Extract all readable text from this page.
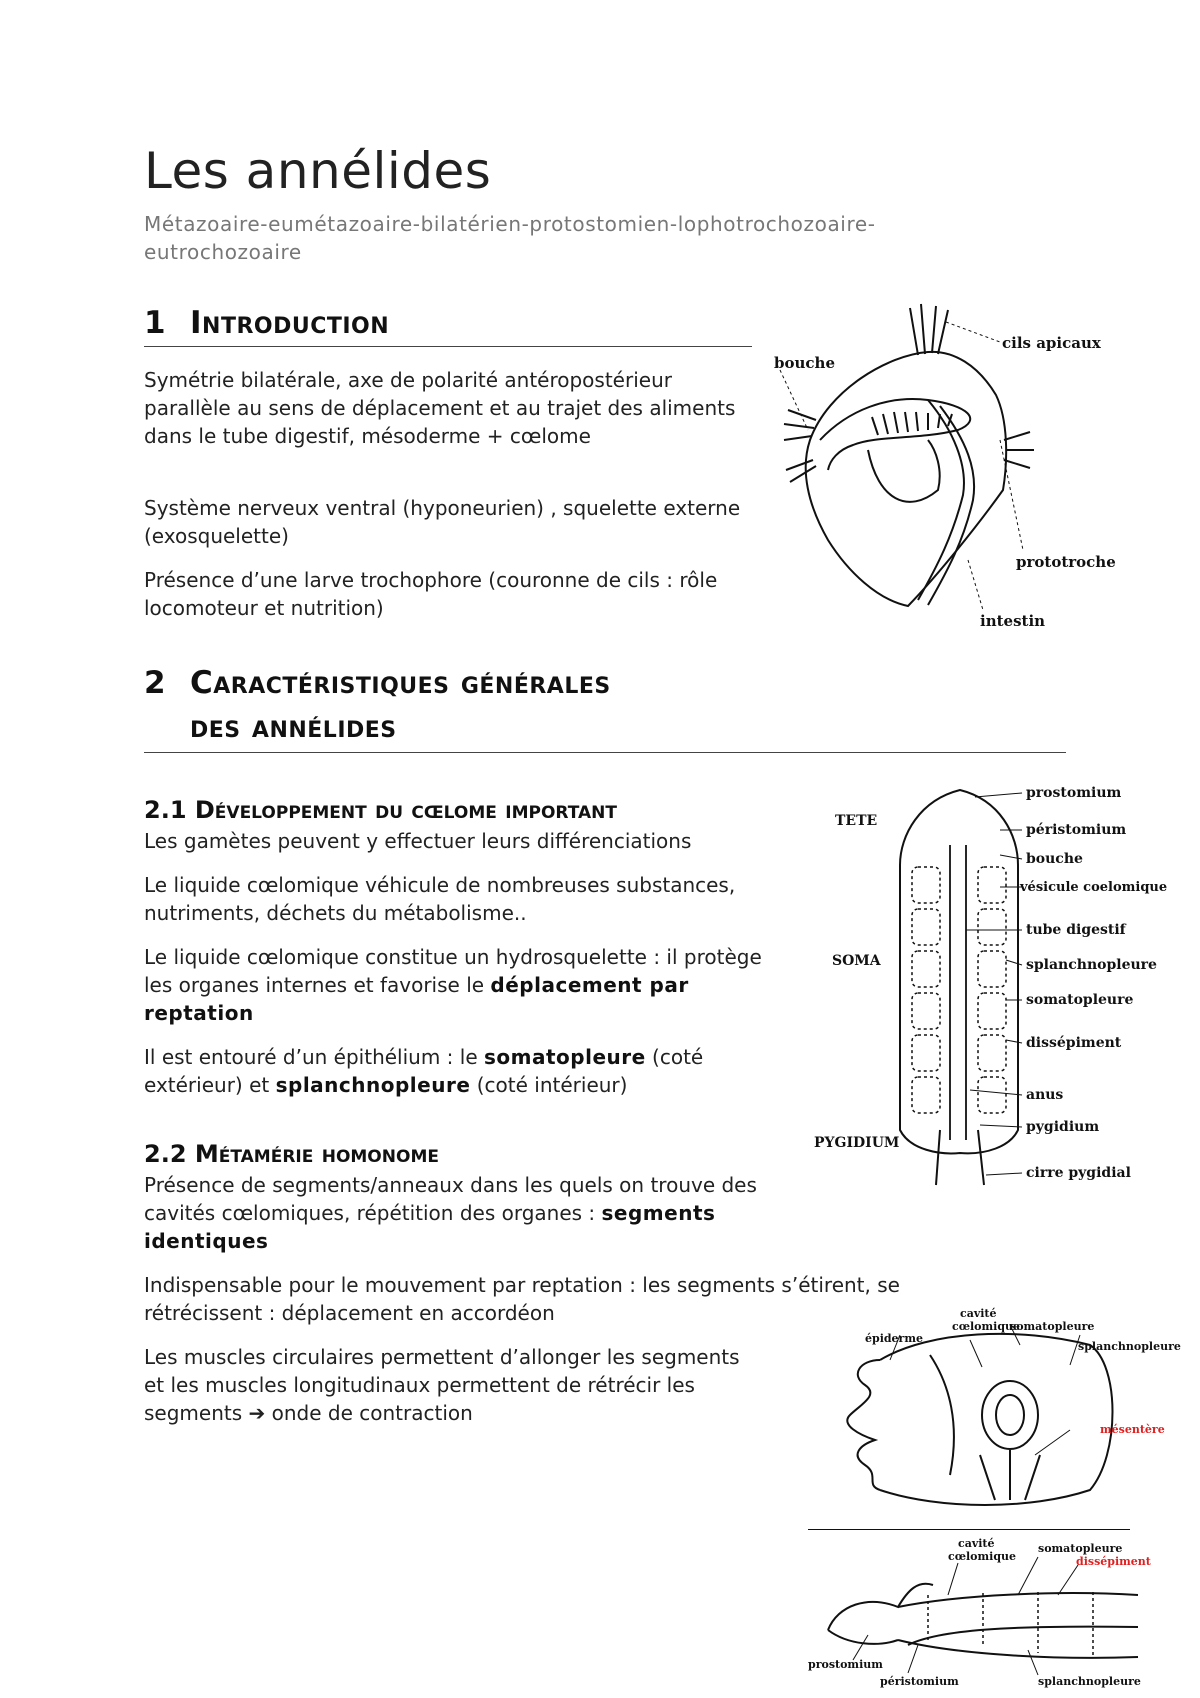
Les annélides
Métazoaire-eumétazoaire-bilatérien-protostomien-lophotrochozoaire-eutrochozoaire
1 Introduction

Symétrie bilatérale, axe de polarité antéropostérieur parallèle au sens de déplacement et au trajet des aliments dans le tube digestif, mésoderme + cœlome

Système nerveux ventral (hyponeurien) , squelette externe (exosquelette)

Présence d’une larve trochophore (couronne de cils : rôle locomoteur et nutrition)

cils apicaux
bouche
prototroche
intestin
2 Caractéristiques générales
des annélides
2.1 Développement du cœlome important

Les gamètes peuvent y effectuer leurs différenciations

Le liquide cœlomique véhicule de nombreuses substances, nutriments, déchets du métabolisme..

Le liquide cœlomique constitue un hydrosquelette : il protège les organes internes et favorise le déplacement par reptation

Il est entouré d’un épithélium : le somatopleure (coté extérieur) et splanchnopleure (coté intérieur)

2.2 Métamérie homonome

Présence de segments/anneaux dans les quels on trouve des cavités cœlomiques, répétition des organes : segments identiques

Indispensable pour le mouvement par reptation : les segments s’étirent, se rétrécissent : déplacement en accordéon

Les muscles circulaires permettent d’allonger les segments et les muscles longitudinaux permettent de rétrécir les segments ➔ onde de contraction

TETE
SOMA
PYGIDIUM
prostomium
péristomium
bouche
vésicule coelomique
tube digestif
splanchnopleure
somatopleure
dissépiment
anus
pygidium
cirre pygidial
cavité
cœlomique
somatopleure
épiderme
splanchnopleure
mésentère
cavité
cœlomique
somatopleure
dissépiment
prostomium
péristomium	splanchnopleure
